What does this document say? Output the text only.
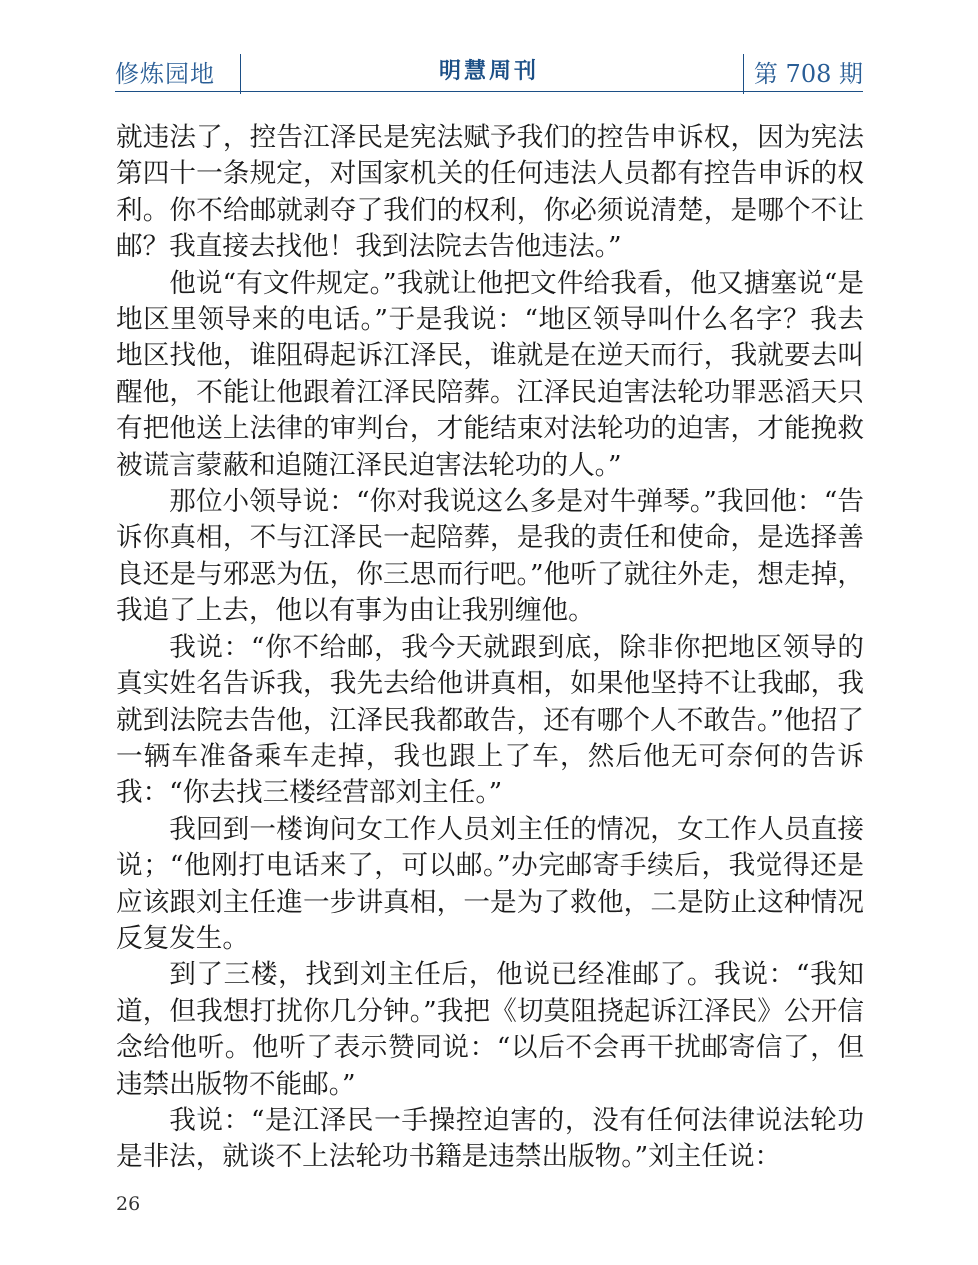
修炼园地	明慧周刊	第 708 期

就违法了，控告江泽民是宪法赋予我们的控告申诉权，因为宪法第四十一条规定，对国家机关的任何违法人员都有控告申诉的权利。你不给邮就剥夺了我们的权利，你必须说清楚，是哪个不让邮？我直接去找他！我到法院去告他违法。”

他说“有文件规定。”我就让他把文件给我看，他又搪塞说“是地区里领导来的电话。”于是我说：“地区领导叫什么名字？我去地区找他，谁阻碍起诉江泽民，谁就是在逆天而行，我就要去叫醒他，不能让他跟着江泽民陪葬。江泽民迫害法轮功罪恶滔天只有把他送上法律的审判台，才能结束对法轮功的迫害，才能挽救被谎言蒙蔽和追随江泽民迫害法轮功的人。”

那位小领导说：“你对我说这么多是对牛弹琴。”我回他：“告诉你真相，不与江泽民一起陪葬，是我的责任和使命，是选择善良还是与邪恶为伍，你三思而行吧。”他听了就往外走，想走掉，我追了上去，他以有事为由让我别缠他。

我说：“你不给邮，我今天就跟到底，除非你把地区领导的真实姓名告诉我，我先去给他讲真相，如果他坚持不让我邮，我就到法院去告他，江泽民我都敢告，还有哪个人不敢告。”他招了一辆车准备乘车走掉，我也跟上了车，然后他无可奈何的告诉我：“你去找三楼经营部刘主任。”

我回到一楼询问女工作人员刘主任的情况，女工作人员直接说；“他刚打电话来了，可以邮。”办完邮寄手续后，我觉得还是应该跟刘主任進一步讲真相，一是为了救他，二是防止这种情况反复发生。

到了三楼，找到刘主任后，他说已经准邮了。我说：“我知道，但我想打扰你几分钟。”我把《切莫阻挠起诉江泽民》公开信念给他听。他听了表示赞同说：“以后不会再干扰邮寄信了，但违禁出版物不能邮。”

我说：“是江泽民一手操控迫害的，没有任何法律说法轮功是非法，就谈不上法轮功书籍是违禁出版物。”刘主任说：

26
